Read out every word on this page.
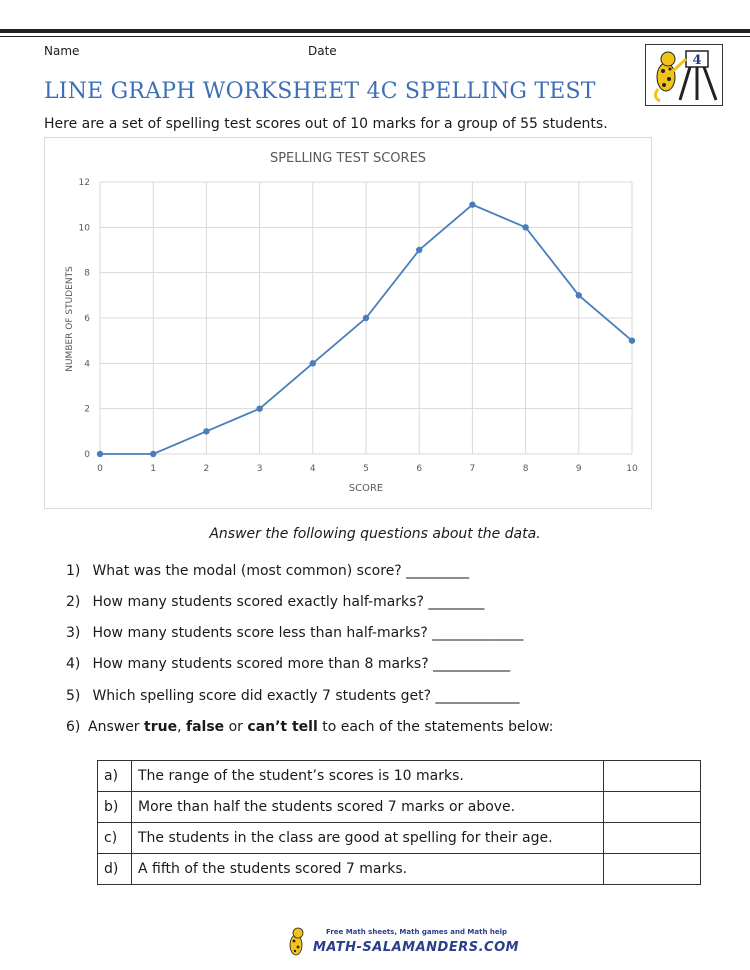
Name	Date
4
LINE GRAPH WORKSHEET 4C SPELLING TEST
Here are a set of spelling test scores out of 10 marks for a group of 55 students.
SPELLING TEST SCORES
SCORE
NUMBER OF STUDENTS
0
2
4
6
8
10
12
0	1	2	3	4	5	6	7	8	9	10
Answer the following questions about the data.
1) What was the modal (most common) score? _________
2) How many students scored exactly half-marks? ________
3) How many students score less than half-marks? _____________
4) How many students scored more than 8 marks? ___________
5) Which spelling score did exactly 7 students get? ____________
6) Answer true, false or can’t tell to each of the statements below:
a)	The range of the student’s scores is 10 marks.	
b)	More than half the students scored 7 marks or above.	
c)	The students in the class are good at spelling for their age.	
d)	A fifth of the students scored 7 marks.	
Free Math sheets, Math games and Math help
MATH-SALAMANDERS.COM
